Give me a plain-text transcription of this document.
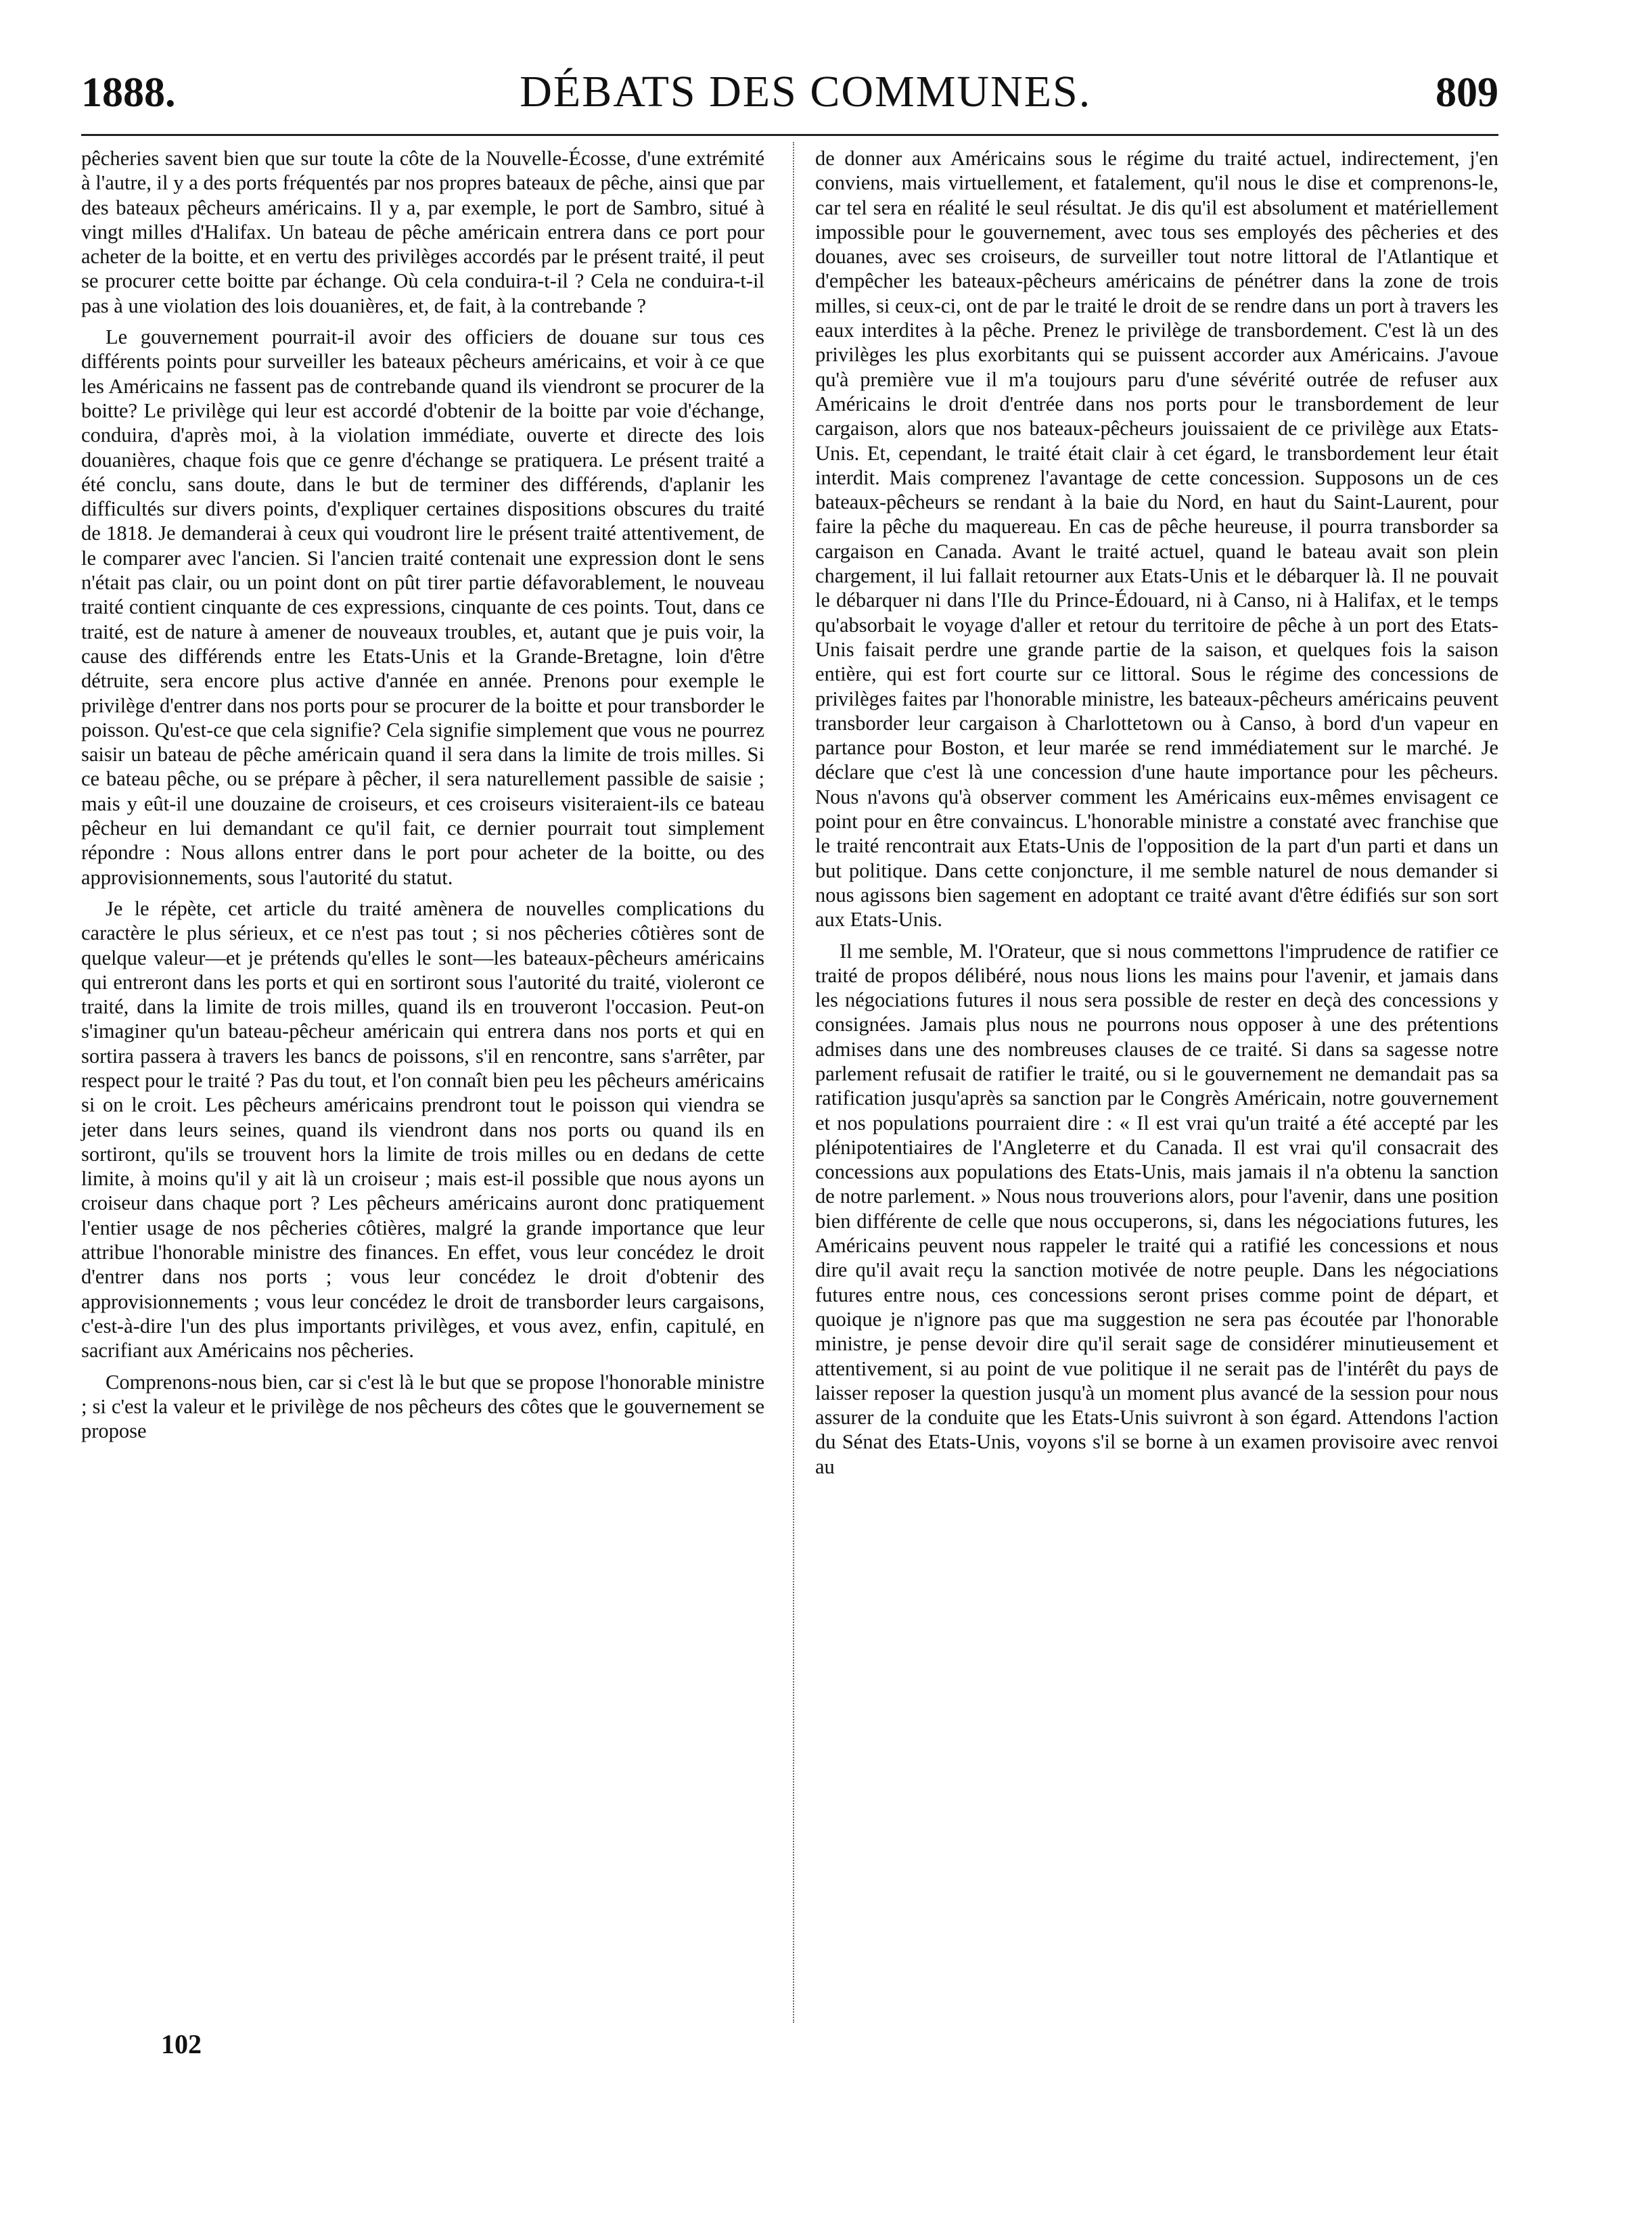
1888.	DÉBATS DES COMMUNES.	809

pêcheries savent bien que sur toute la côte de la Nouvelle-Écosse, d'une extrémité à l'autre, il y a des ports fréquentés par nos propres bateaux de pêche, ainsi que par des bateaux pêcheurs américains. Il y a, par exemple, le port de Sambro, situé à vingt milles d'Halifax. Un bateau de pêche américain entrera dans ce port pour acheter de la boitte, et en vertu des privilèges accordés par le présent traité, il peut se procurer cette boitte par échange. Où cela conduira-t-il ? Cela ne conduira-t-il pas à une violation des lois douanières, et, de fait, à la contrebande ?

Le gouvernement pourrait-il avoir des officiers de douane sur tous ces différents points pour surveiller les bateaux pêcheurs américains, et voir à ce que les Américains ne fassent pas de contrebande quand ils viendront se procurer de la boitte? Le privilège qui leur est accordé d'obtenir de la boitte par voie d'échange, conduira, d'après moi, à la violation immédiate, ouverte et directe des lois douanières, chaque fois que ce genre d'échange se pratiquera. Le présent traité a été conclu, sans doute, dans le but de terminer des différends, d'aplanir les difficultés sur divers points, d'expliquer certaines dispositions obscures du traité de 1818. Je demanderai à ceux qui voudront lire le présent traité attentivement, de le comparer avec l'ancien. Si l'ancien traité contenait une expression dont le sens n'était pas clair, ou un point dont on pût tirer partie défavorablement, le nouveau traité contient cinquante de ces expressions, cinquante de ces points. Tout, dans ce traité, est de nature à amener de nouveaux troubles, et, autant que je puis voir, la cause des différends entre les Etats-Unis et la Grande-Bretagne, loin d'être détruite, sera encore plus active d'année en année. Prenons pour exemple le privilège d'entrer dans nos ports pour se procurer de la boitte et pour transborder le poisson. Qu'est-ce que cela signifie? Cela signifie simplement que vous ne pourrez saisir un bateau de pêche américain quand il sera dans la limite de trois milles. Si ce bateau pêche, ou se prépare à pêcher, il sera naturellement passible de saisie ; mais y eût-il une douzaine de croiseurs, et ces croiseurs visiteraient-ils ce bateau pêcheur en lui demandant ce qu'il fait, ce dernier pourrait tout simplement répondre : Nous allons entrer dans le port pour acheter de la boitte, ou des approvisionnements, sous l'autorité du statut.

Je le répète, cet article du traité amènera de nouvelles complications du caractère le plus sérieux, et ce n'est pas tout ; si nos pêcheries côtières sont de quelque valeur—et je prétends qu'elles le sont—les bateaux-pêcheurs américains qui entreront dans les ports et qui en sortiront sous l'autorité du traité, violeront ce traité, dans la limite de trois milles, quand ils en trouveront l'occasion. Peut-on s'imaginer qu'un bateau-pêcheur américain qui entrera dans nos ports et qui en sortira passera à travers les bancs de poissons, s'il en rencontre, sans s'arrêter, par respect pour le traité ? Pas du tout, et l'on connaît bien peu les pêcheurs américains si on le croit. Les pêcheurs américains prendront tout le poisson qui viendra se jeter dans leurs seines, quand ils viendront dans nos ports ou quand ils en sortiront, qu'ils se trouvent hors la limite de trois milles ou en dedans de cette limite, à moins qu'il y ait là un croiseur ; mais est-il possible que nous ayons un croiseur dans chaque port ? Les pêcheurs américains auront donc pratiquement l'entier usage de nos pêcheries côtières, malgré la grande importance que leur attribue l'honorable ministre des finances. En effet, vous leur concédez le droit d'entrer dans nos ports ; vous leur concédez le droit d'obtenir des approvisionnements ; vous leur concédez le droit de transborder leurs cargaisons, c'est-à-dire l'un des plus importants privilèges, et vous avez, enfin, capitulé, en sacrifiant aux Américains nos pêcheries.

Comprenons-nous bien, car si c'est là le but que se propose l'honorable ministre ; si c'est la valeur et le privilège de nos pêcheurs des côtes que le gouvernement se propose

de donner aux Américains sous le régime du traité actuel, indirectement, j'en conviens, mais virtuellement, et fatalement, qu'il nous le dise et comprenons-le, car tel sera en réalité le seul résultat. Je dis qu'il est absolument et matériellement impossible pour le gouvernement, avec tous ses employés des pêcheries et des douanes, avec ses croiseurs, de surveiller tout notre littoral de l'Atlantique et d'empêcher les bateaux-pêcheurs américains de pénétrer dans la zone de trois milles, si ceux-ci, ont de par le traité le droit de se rendre dans un port à travers les eaux interdites à la pêche. Prenez le privilège de transbordement. C'est là un des privilèges les plus exorbitants qui se puissent accorder aux Américains. J'avoue qu'à première vue il m'a toujours paru d'une sévérité outrée de refuser aux Américains le droit d'entrée dans nos ports pour le transbordement de leur cargaison, alors que nos bateaux-pêcheurs jouissaient de ce privilège aux Etats-Unis. Et, cependant, le traité était clair à cet égard, le transbordement leur était interdit. Mais comprenez l'avantage de cette concession. Supposons un de ces bateaux-pêcheurs se rendant à la baie du Nord, en haut du Saint-Laurent, pour faire la pêche du maquereau. En cas de pêche heureuse, il pourra transborder sa cargaison en Canada. Avant le traité actuel, quand le bateau avait son plein chargement, il lui fallait retourner aux Etats-Unis et le débarquer là. Il ne pouvait le débarquer ni dans l'Ile du Prince-Édouard, ni à Canso, ni à Halifax, et le temps qu'absorbait le voyage d'aller et retour du territoire de pêche à un port des Etats-Unis faisait perdre une grande partie de la saison, et quelques fois la saison entière, qui est fort courte sur ce littoral. Sous le régime des concessions de privilèges faites par l'honorable ministre, les bateaux-pêcheurs américains peuvent transborder leur cargaison à Charlottetown ou à Canso, à bord d'un vapeur en partance pour Boston, et leur marée se rend immédiatement sur le marché. Je déclare que c'est là une concession d'une haute importance pour les pêcheurs. Nous n'avons qu'à observer comment les Américains eux-mêmes envisagent ce point pour en être convaincus. L'honorable ministre a constaté avec franchise que le traité rencontrait aux Etats-Unis de l'opposition de la part d'un parti et dans un but politique. Dans cette conjoncture, il me semble naturel de nous demander si nous agissons bien sagement en adoptant ce traité avant d'être édifiés sur son sort aux Etats-Unis.

Il me semble, M. l'Orateur, que si nous commettons l'imprudence de ratifier ce traité de propos délibéré, nous nous lions les mains pour l'avenir, et jamais dans les négociations futures il nous sera possible de rester en deçà des concessions y consignées. Jamais plus nous ne pourrons nous opposer à une des prétentions admises dans une des nombreuses clauses de ce traité. Si dans sa sagesse notre parlement refusait de ratifier le traité, ou si le gouvernement ne demandait pas sa ratification jusqu'après sa sanction par le Congrès Américain, notre gouvernement et nos populations pourraient dire : « Il est vrai qu'un traité a été accepté par les plénipotentiaires de l'Angleterre et du Canada. Il est vrai qu'il consacrait des concessions aux populations des Etats-Unis, mais jamais il n'a obtenu la sanction de notre parlement. » Nous nous trouverions alors, pour l'avenir, dans une position bien différente de celle que nous occuperons, si, dans les négociations futures, les Américains peuvent nous rappeler le traité qui a ratifié les concessions et nous dire qu'il avait reçu la sanction motivée de notre peuple. Dans les négociations futures entre nous, ces concessions seront prises comme point de départ, et quoique je n'ignore pas que ma suggestion ne sera pas écoutée par l'honorable ministre, je pense devoir dire qu'il serait sage de considérer minutieusement et attentivement, si au point de vue politique il ne serait pas de l'intérêt du pays de laisser reposer la question jusqu'à un moment plus avancé de la session pour nous assurer de la conduite que les Etats-Unis suivront à son égard. Attendons l'action du Sénat des Etats-Unis, voyons s'il se borne à un examen provisoire avec renvoi au

102
